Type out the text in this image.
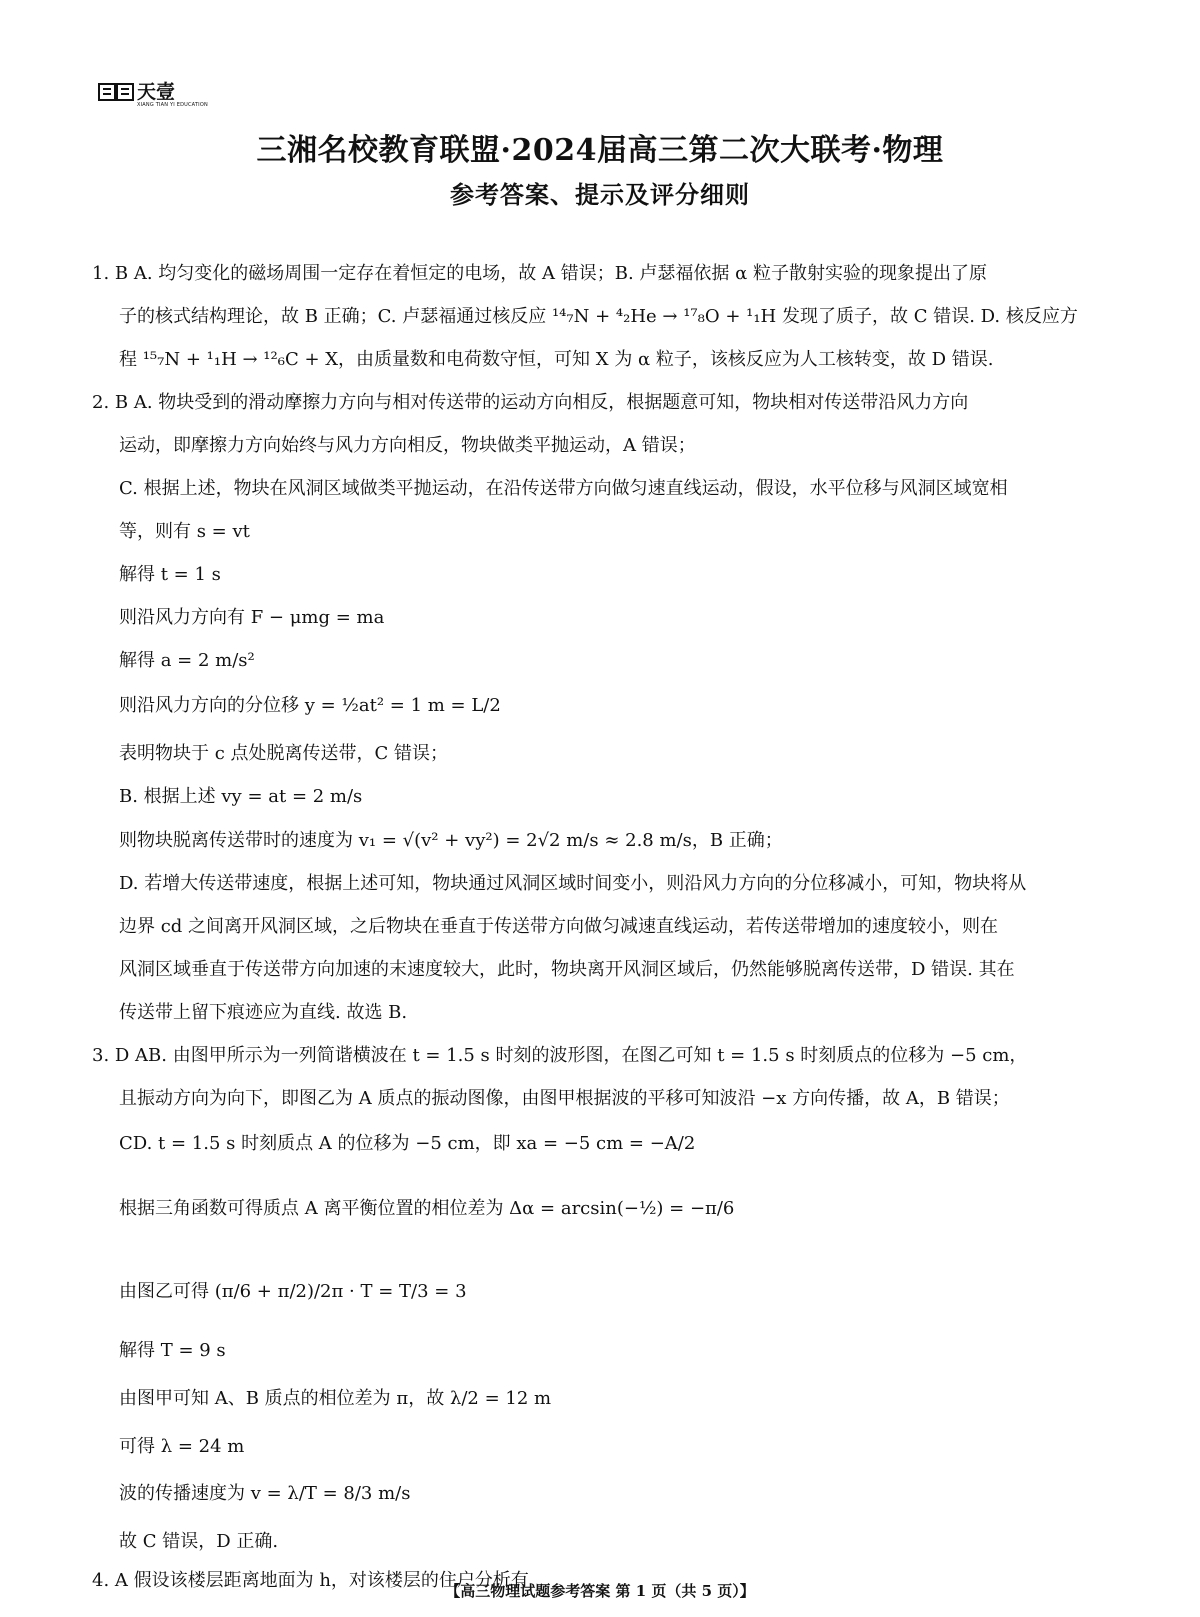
天壹
XIANG TIAN YI EDUCATION
三湘名校教育联盟·2024届高三第二次大联考·物理
参考答案、提示及评分细则
1. B A. 均匀变化的磁场周围一定存在着恒定的电场，故 A 错误；B. 卢瑟福依据 α 粒子散射实验的现象提出了原
子的核式结构理论，故 B 正确；C. 卢瑟福通过核反应 ¹⁴₇N + ⁴₂He → ¹⁷₈O + ¹₁H 发现了质子，故 C 错误. D. 核反应方
程 ¹⁵₇N + ¹₁H → ¹²₆C + X，由质量数和电荷数守恒，可知 X 为 α 粒子，该核反应为人工核转变，故 D 错误.
2. B A. 物块受到的滑动摩擦力方向与相对传送带的运动方向相反，根据题意可知，物块相对传送带沿风力方向
运动，即摩擦力方向始终与风力方向相反，物块做类平抛运动，A 错误；
C. 根据上述，物块在风洞区域做类平抛运动，在沿传送带方向做匀速直线运动，假设，水平位移与风洞区域宽相
等，则有 s = vt
解得 t = 1 s
则沿风力方向有 F − μmg = ma
解得 a = 2 m/s²
则沿风力方向的分位移 y = ½at² = 1 m = L/2
表明物块于 c 点处脱离传送带，C 错误；
B. 根据上述 vy = at = 2 m/s
则物块脱离传送带时的速度为 v₁ = √(v² + vy²) = 2√2 m/s ≈ 2.8 m/s，B 正确；
D. 若增大传送带速度，根据上述可知，物块通过风洞区域时间变小，则沿风力方向的分位移减小，可知，物块将从
边界 cd 之间离开风洞区域，之后物块在垂直于传送带方向做匀减速直线运动，若传送带增加的速度较小，则在
风洞区域垂直于传送带方向加速的末速度较大，此时，物块离开风洞区域后，仍然能够脱离传送带，D 错误. 其在
传送带上留下痕迹应为直线. 故选 B.
3. D AB. 由图甲所示为一列简谐横波在 t = 1.5 s 时刻的波形图，在图乙可知 t = 1.5 s 时刻质点的位移为 −5 cm，
且振动方向为向下，即图乙为 A 质点的振动图像，由图甲根据波的平移可知波沿 −x 方向传播，故 A，B 错误；
CD. t = 1.5 s 时刻质点 A 的位移为 −5 cm，即 xa = −5 cm = −A/2
根据三角函数可得质点 A 离平衡位置的相位差为 Δα = arcsin(−½) = −π/6
由图乙可得 (π/6 + π/2)/2π · T = T/3 = 3
解得 T = 9 s
由图甲可知 A、B 质点的相位差为 π，故 λ/2 = 12 m
可得 λ = 24 m
波的传播速度为 v = λ/T = 8/3 m/s
故 C 错误，D 正确.
4. A 假设该楼层距离地面为 h，对该楼层的住户分析有
【高三物理试题参考答案 第 1 页（共 5 页）】
